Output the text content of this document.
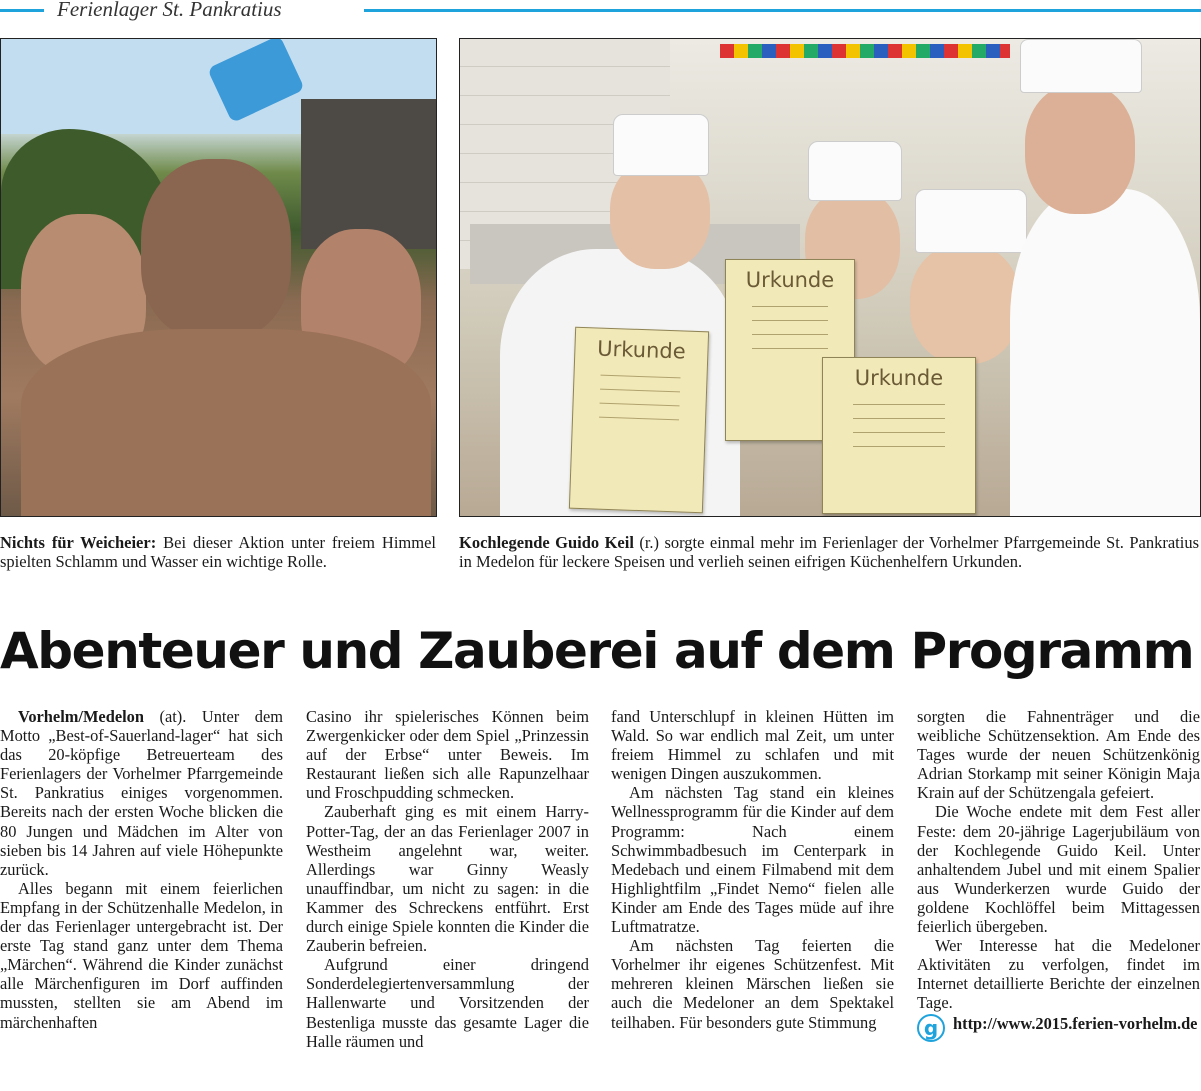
Ferienlager St. Pankratius
Urkunde
Urkunde
Urkunde
Nichts für Weicheier: Bei dieser Aktion unter freiem Himmel spielten Schlamm und Wasser ein wichtige Rolle.
Kochlegende Guido Keil (r.) sorgte einmal mehr im Ferienlager der Vorhelmer Pfarrgemeinde St. Pankratius in Medelon für leckere Speisen und verlieh seinen eifrigen Küchenhelfern Urkunden.
Abenteuer und Zauberei auf dem Programm

Vorhelm/Medelon (at). Unter dem Motto „Best-of-Sauerland-lager“ hat sich das 20-köpfige Betreuerteam des Ferienlagers der Vorhelmer Pfarrgemeinde St. Pankratius einiges vorgenommen. Bereits nach der ersten Woche blicken die 80 Jungen und Mädchen im Alter von sieben bis 14 Jahren auf viele Höhepunkte zurück.

Alles begann mit einem feierlichen Empfang in der Schützenhalle Medelon, in der das Ferienlager untergebracht ist. Der erste Tag stand ganz unter dem Thema „Märchen“. Während die Kinder zunächst alle Märchenfiguren im Dorf auffinden mussten, stellten sie am Abend im märchenhaften

Casino ihr spielerisches Können beim Zwergenkicker oder dem Spiel „Prinzessin auf der Erbse“ unter Beweis. Im Restaurant ließen sich alle Rapunzelhaar und Froschpudding schmecken.

Zauberhaft ging es mit einem Harry-Potter-Tag, der an das Ferienlager 2007 in Westheim angelehnt war, weiter. Allerdings war Ginny Weasly unauffindbar, um nicht zu sagen: in die Kammer des Schreckens entführt. Erst durch einige Spiele konnten die Kinder die Zauberin befreien.

Aufgrund einer dringend Sonderdelegiertenversammlung der Hallenwarte und Vorsitzenden der Bestenliga musste das gesamte Lager die Halle räumen und

fand Unterschlupf in kleinen Hütten im Wald. So war endlich mal Zeit, um unter freiem Himmel zu schlafen und mit wenigen Dingen auszukommen.

Am nächsten Tag stand ein kleines Wellnessprogramm für die Kinder auf dem Programm: Nach einem Schwimmbadbesuch im Centerpark in Medebach und einem Filmabend mit dem Highlightfilm „Findet Nemo“ fielen alle Kinder am Ende des Tages müde auf ihre Luftmatratze.

Am nächsten Tag feierten die Vorhelmer ihr eigenes Schützenfest. Mit mehreren kleinen Märschen ließen sie auch die Medeloner an dem Spektakel teilhaben. Für besonders gute Stimmung

sorgten die Fahnenträger und die weibliche Schützensektion. Am Ende des Tages wurde der neuen Schützenkönig Adrian Storkamp mit seiner Königin Maja Krain auf der Schützengala gefeiert.

Die Woche endete mit dem Fest aller Feste: dem 20-jährige Lagerjubiläum von der Kochlegende Guido Keil. Unter anhaltendem Jubel und mit einem Spalier aus Wunderkerzen wurde Guido der goldene Kochlöffel beim Mittagessen feierlich übergeben.

Wer Interesse hat die Medeloner Aktivitäten zu verfolgen, findet im Internet detaillierte Berichte der einzelnen Tage.

g http://www.2015.ferien-vorhelm.de
